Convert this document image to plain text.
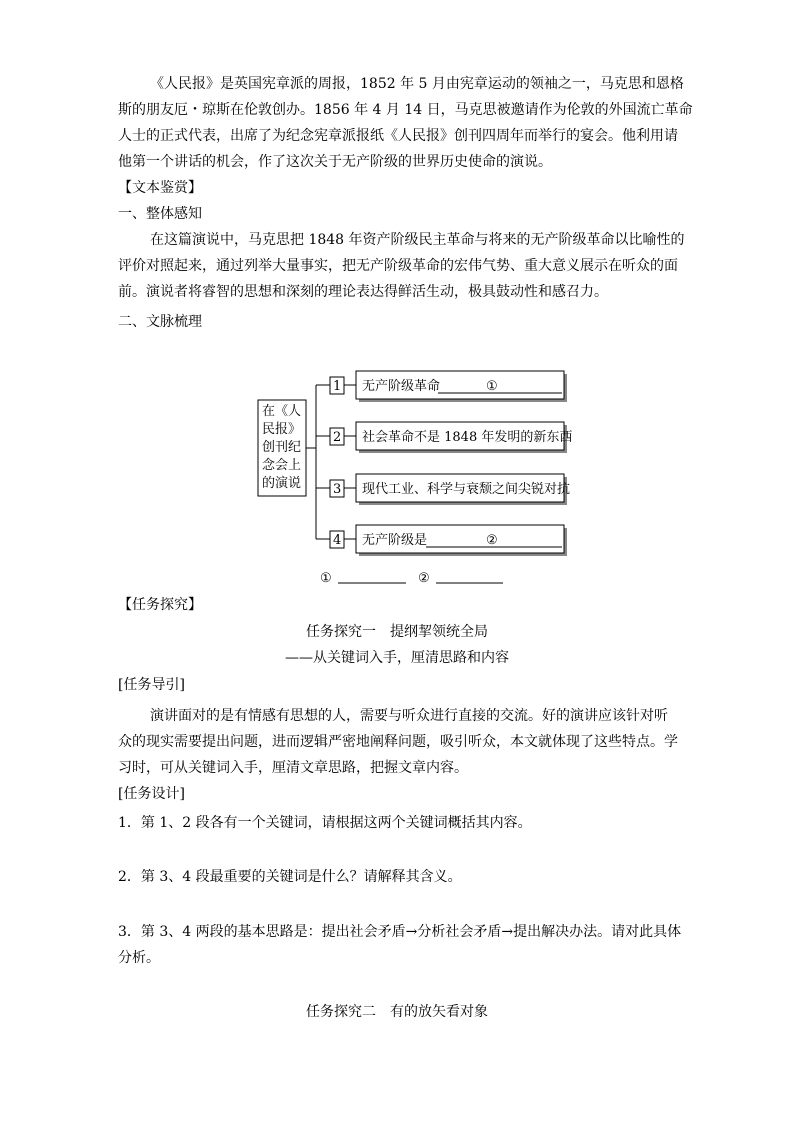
《人民报》是英国宪章派的周报，1852 年 5 月由宪章运动的领袖之一，马克思和恩格
斯的朋友厄・琼斯在伦敦创办。1856 年 4 月 14 日，马克思被邀请作为伦敦的外国流亡革命
人士的正式代表，出席了为纪念宪章派报纸《人民报》创刊四周年而举行的宴会。他利用请
他第一个讲话的机会，作了这次关于无产阶级的世界历史使命的演说。
【文本鉴赏】
一、整体感知
在这篇演说中，马克思把 1848 年资产阶级民主革命与将来的无产阶级革命以比喻性的
评价对照起来，通过列举大量事实，把无产阶级革命的宏伟气势、重大意义展示在听众的面
前。演说者将睿智的思想和深刻的理论表达得鲜活生动，极具鼓动性和感召力。
二、文脉梳理
在《人
民报》
创刊纪
念会上
的演说
1
2
3
4
无产阶级革命	①
社会革命不是 1848 年发明的新东西
现代工业、科学与衰颓之间尖锐对抗
无产阶级是	②
①	②
【任务探究】
任务探究一　提纲挈领统全局
——从关键词入手，厘清思路和内容
[任务导引]
演讲面对的是有情感有思想的人，需要与听众进行直接的交流。好的演讲应该针对听
众的现实需要提出问题，进而逻辑严密地阐释问题，吸引听众，本文就体现了这些特点。学
习时，可从关键词入手，厘清文章思路，把握文章内容。
[任务设计]
1．第 1、2 段各有一个关键词，请根据这两个关键词概括其内容。
2．第 3、4 段最重要的关键词是什么？请解释其含义。
3．第 3、4 两段的基本思路是：提出社会矛盾→分析社会矛盾→提出解决办法。请对此具体
分析。
任务探究二　有的放矢看对象
